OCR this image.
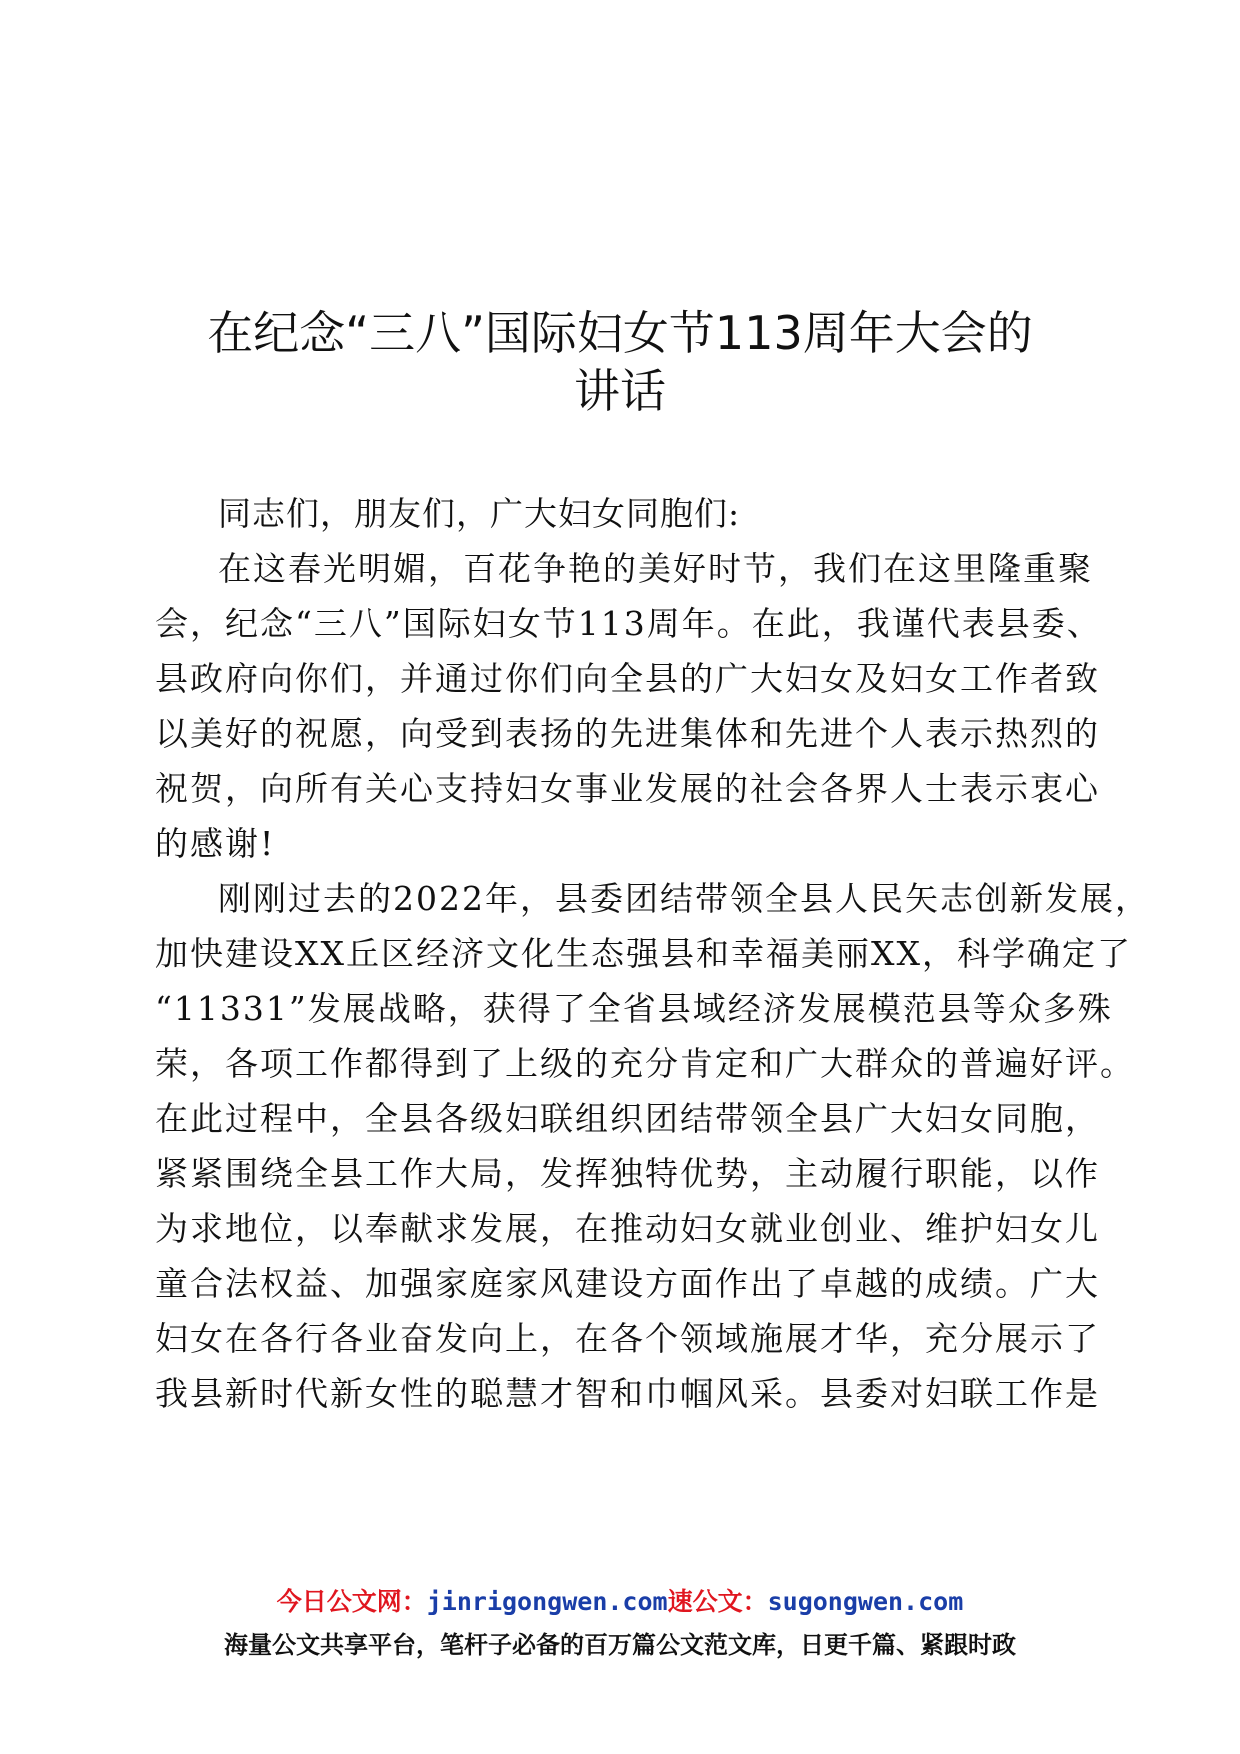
在纪念“三八”国际妇女节113周年大会的
讲话
同志们，朋友们，广大妇女同胞们:
在这春光明媚，百花争艳的美好时节，我们在这里隆重聚
会，纪念“三八”国际妇女节113周年。在此，我谨代表县委、
县政府向你们，并通过你们向全县的广大妇女及妇女工作者致
以美好的祝愿，向受到表扬的先进集体和先进个人表示热烈的
祝贺，向所有关心支持妇女事业发展的社会各界人士表示衷心
的感谢!
刚刚过去的2022年，县委团结带领全县人民矢志创新发展，
加快建设XX丘区经济文化生态强县和幸福美丽XX，科学确定了
“11331”发展战略，获得了全省县域经济发展模范县等众多殊
荣，各项工作都得到了上级的充分肯定和广大群众的普遍好评。
在此过程中，全县各级妇联组织团结带领全县广大妇女同胞，
紧紧围绕全县工作大局，发挥独特优势，主动履行职能，以作
为求地位，以奉献求发展，在推动妇女就业创业、维护妇女儿
童合法权益、加强家庭家风建设方面作出了卓越的成绩。广大
妇女在各行各业奋发向上，在各个领域施展才华，充分展示了
我县新时代新女性的聪慧才智和巾帼风采。县委对妇联工作是
今日公文网：jinrigongwen.com速公文：sugongwen.com
海量公文共享平台，笔杆子必备的百万篇公文范文库，日更千篇、紧跟时政
